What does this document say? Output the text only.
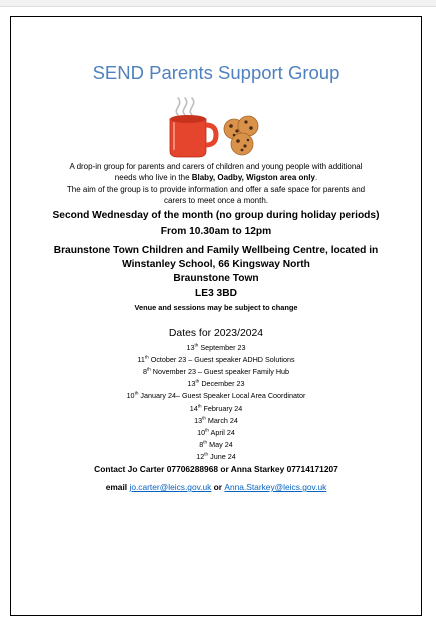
SEND Parents Support Group
A drop-in group for parents and carers of children and young people with additional
needs who live in the Blaby, Oadby, Wigston area only.
The aim of the group is to provide information and offer a safe space for parents and
carers to meet once a month.
Second Wednesday of the month (no group during holiday periods)
From 10.30am to 12pm
Braunstone Town Children and Family Wellbeing Centre, located in
Winstanley School, 66 Kingsway North
Braunstone Town
LE3 3BD
Venue and sessions may be subject to change
Dates for 2023/2024
13th September 23
11th October 23 – Guest speaker ADHD Solutions
8th November 23 – Guest speaker Family Hub
13th December 23
10th January 24– Guest Speaker Local Area Coordinator
14th February 24
13th March 24
10th April 24
8th May 24
12th June 24
Contact Jo Carter 07706288968 or Anna Starkey 07714171207
email jo.carter@leics.gov.uk or Anna.Starkey@leics.gov.uk
